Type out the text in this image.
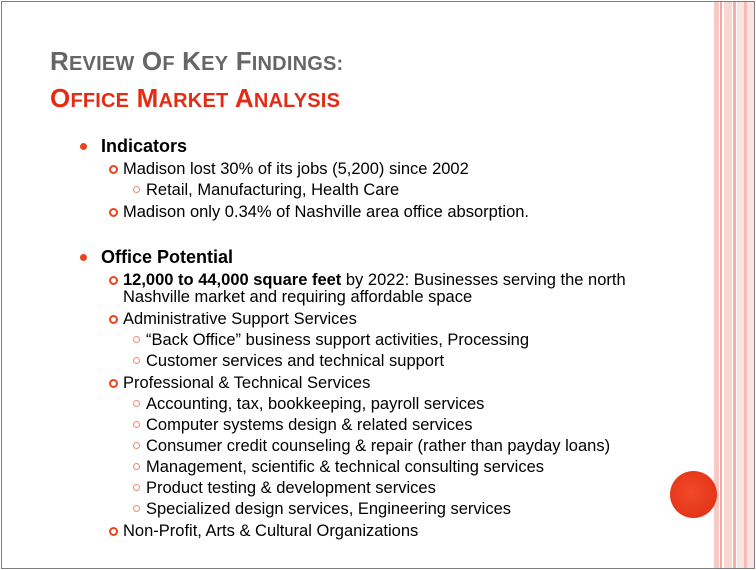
REVIEW OF KEY FINDINGS:
OFFICE MARKET ANALYSIS
Indicators
Madison lost 30% of its jobs (5,200) since 2002
Retail, Manufacturing, Health Care
Madison only 0.34% of Nashville area office absorption.
Office Potential
12,000 to 44,000 square feet by 2022: Businesses serving the north
Nashville market and requiring affordable space
Administrative Support Services
“Back Office” business support activities, Processing
Customer services and technical support
Professional & Technical Services
Accounting, tax, bookkeeping, payroll services
Computer systems design & related services
Consumer credit counseling & repair (rather than payday loans)
Management, scientific & technical consulting services
Product testing & development services
Specialized design services, Engineering services
Non-Profit, Arts & Cultural Organizations
